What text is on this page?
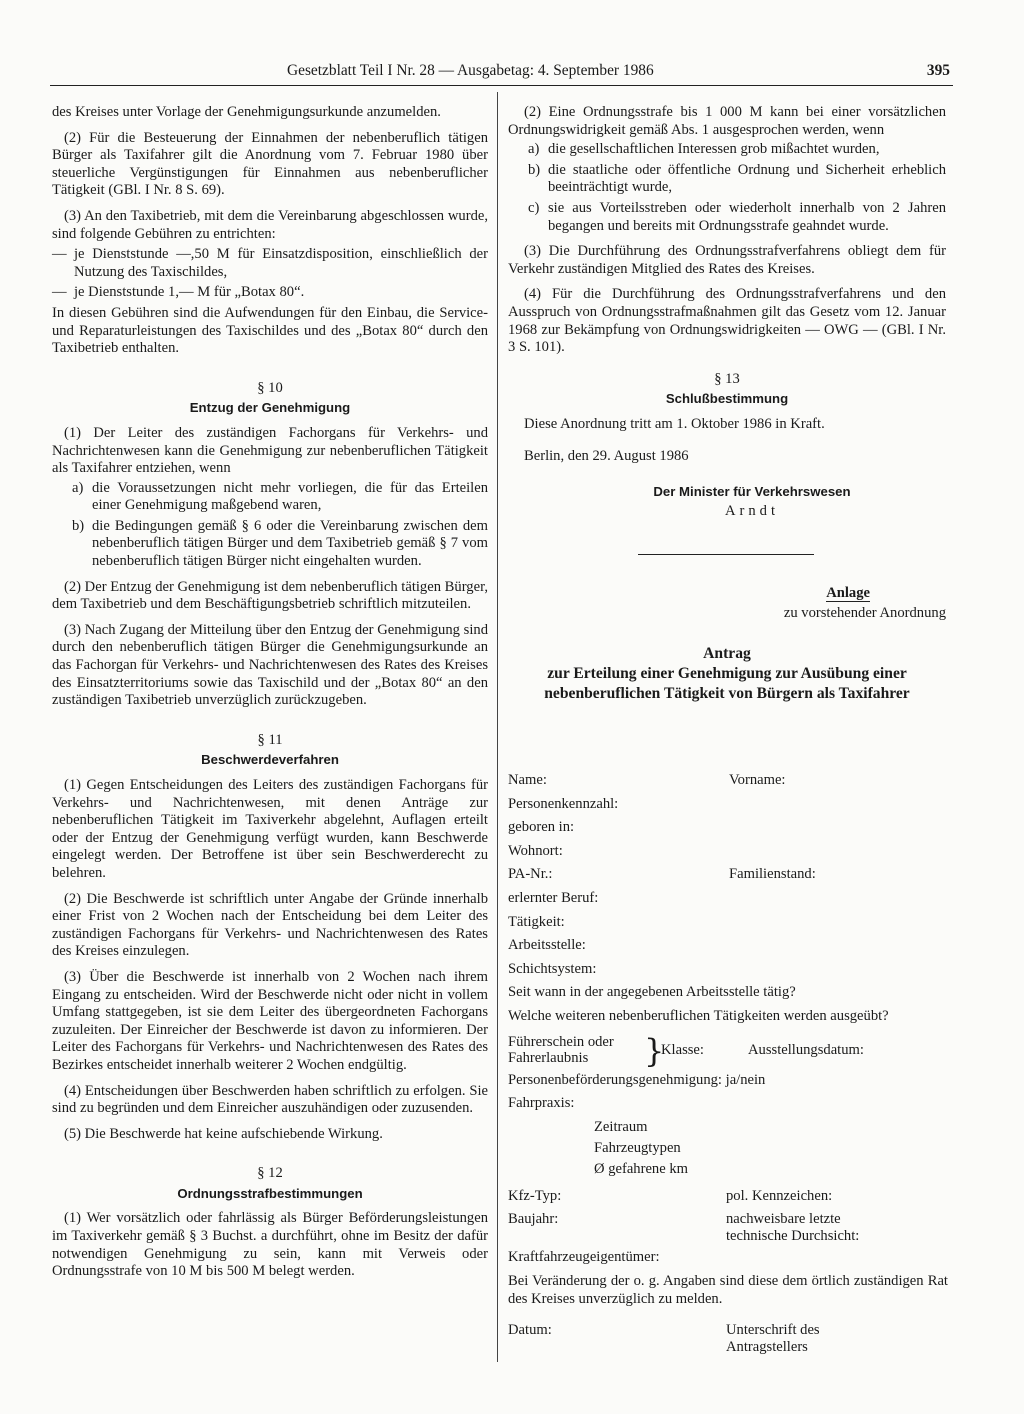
Gesetzblatt Teil I Nr. 28 — Ausgabetag: 4. September 1986	395

des Kreises unter Vorlage der Genehmigungsurkunde anzumelden.

(2) Für die Besteuerung der Einnahmen der nebenberuflich tätigen Bürger als Taxifahrer gilt die Anordnung vom 7. Februar 1980 über steuerliche Vergünstigungen für Einnahmen aus nebenberuflicher Tätigkeit (GBl. I Nr. 8 S. 69).

(3) An den Taxibetrieb, mit dem die Vereinbarung abgeschlossen wurde, sind folgende Gebühren zu entrichten:

— je Dienststunde —,50 M für Einsatzdisposition, einschließlich der Nutzung des Taxischildes,
— je Dienststunde 1,— M für „Botax 80“.

In diesen Gebühren sind die Aufwendungen für den Einbau, die Service- und Reparaturleistungen des Taxischildes und des „Botax 80“ durch den Taxibetrieb enthalten.

§ 10
Entzug der Genehmigung

(1) Der Leiter des zuständigen Fachorgans für Verkehrs- und Nachrichtenwesen kann die Genehmigung zur nebenberuflichen Tätigkeit als Taxifahrer entziehen, wenn

a) die Voraussetzungen nicht mehr vorliegen, die für das Erteilen einer Genehmigung maßgebend waren,
b) die Bedingungen gemäß § 6 oder die Vereinbarung zwischen dem nebenberuflich tätigen Bürger und dem Taxibetrieb gemäß § 7 vom nebenberuflich tätigen Bürger nicht eingehalten wurden.

(2) Der Entzug der Genehmigung ist dem nebenberuflich tätigen Bürger, dem Taxibetrieb und dem Beschäftigungsbetrieb schriftlich mitzuteilen.

(3) Nach Zugang der Mitteilung über den Entzug der Genehmigung sind durch den nebenberuflich tätigen Bürger die Genehmigungsurkunde an das Fachorgan für Verkehrs- und Nachrichtenwesen des Rates des Kreises des Einsatzterritoriums sowie das Taxischild und der „Botax 80“ an den zuständigen Taxibetrieb unverzüglich zurückzugeben.

§ 11
Beschwerdeverfahren

(1) Gegen Entscheidungen des Leiters des zuständigen Fachorgans für Verkehrs- und Nachrichtenwesen, mit denen Anträge zur nebenberuflichen Tätigkeit im Taxiverkehr abgelehnt, Auflagen erteilt oder der Entzug der Genehmigung verfügt wurden, kann Beschwerde eingelegt werden. Der Betroffene ist über sein Beschwerderecht zu belehren.

(2) Die Beschwerde ist schriftlich unter Angabe der Gründe innerhalb einer Frist von 2 Wochen nach der Entscheidung bei dem Leiter des zuständigen Fachorgans für Verkehrs- und Nachrichtenwesen des Rates des Kreises einzulegen.

(3) Über die Beschwerde ist innerhalb von 2 Wochen nach ihrem Eingang zu entscheiden. Wird der Beschwerde nicht oder nicht in vollem Umfang stattgegeben, ist sie dem Leiter des übergeordneten Fachorgans zuzuleiten. Der Einreicher der Beschwerde ist davon zu informieren. Der Leiter des Fachorgans für Verkehrs- und Nachrichtenwesen des Rates des Bezirkes entscheidet innerhalb weiterer 2 Wochen endgültig.

(4) Entscheidungen über Beschwerden haben schriftlich zu erfolgen. Sie sind zu begründen und dem Einreicher auszuhändigen oder zuzusenden.

(5) Die Beschwerde hat keine aufschiebende Wirkung.

§ 12
Ordnungsstrafbestimmungen

(1) Wer vorsätzlich oder fahrlässig als Bürger Beförderungsleistungen im Taxiverkehr gemäß § 3 Buchst. a durchführt, ohne im Besitz der dafür notwendigen Genehmigung zu sein, kann mit Verweis oder Ordnungsstrafe von 10 M bis 500 M belegt werden.

(2) Eine Ordnungsstrafe bis 1 000 M kann bei einer vorsätzlichen Ordnungswidrigkeit gemäß Abs. 1 ausgesprochen werden, wenn

a) die gesellschaftlichen Interessen grob mißachtet wurden,
b) die staatliche oder öffentliche Ordnung und Sicherheit erheblich beeinträchtigt wurde,
c) sie aus Vorteilsstreben oder wiederholt innerhalb von 2 Jahren begangen und bereits mit Ordnungsstrafe geahndet wurde.

(3) Die Durchführung des Ordnungsstrafverfahrens obliegt dem für Verkehr zuständigen Mitglied des Rates des Kreises.

(4) Für die Durchführung des Ordnungsstrafverfahrens und den Ausspruch von Ordnungsstrafmaßnahmen gilt das Gesetz vom 12. Januar 1968 zur Bekämpfung von Ordnungswidrigkeiten — OWG — (GBl. I Nr. 3 S. 101).

§ 13
Schlußbestimmung

Diese Anordnung tritt am 1. Oktober 1986 in Kraft.

Berlin, den 29. August 1986

Der Minister für Verkehrswesen
Arndt

Anlage

zu vorstehender Anordnung

Antrag
zur Erteilung einer Genehmigung zur Ausübung einer
nebenberuflichen Tätigkeit von Bürgern als Taxifahrer
Name:	Vorname:
Personenkennzahl:
geboren in:
Wohnort:
PA-Nr.:	Familienstand:
erlernter Beruf:
Tätigkeit:
Arbeitsstelle:
Schichtsystem:
Seit wann in der angegebenen Arbeitsstelle tätig?

Welche weiteren nebenberuflichen Tätigkeiten werden ausgeübt?

Führerschein oder
Fahrerlaubnis	}
Klasse:	Ausstellungsdatum:
Personenbeförderungsgenehmigung: ja/nein
Fahrpraxis:
Zeitraum
Fahrzeugtypen
Ø gefahrene km
Kfz-Typ:	pol. Kennzeichen:
Baujahr:	nachweisbare letzte
technische Durchsicht:
Kraftfahrzeugeigentümer:

Bei Veränderung der o. g. Angaben sind diese dem örtlich zuständigen Rat des Kreises unverzüglich zu melden.

Datum:	Unterschrift des
Antragstellers
